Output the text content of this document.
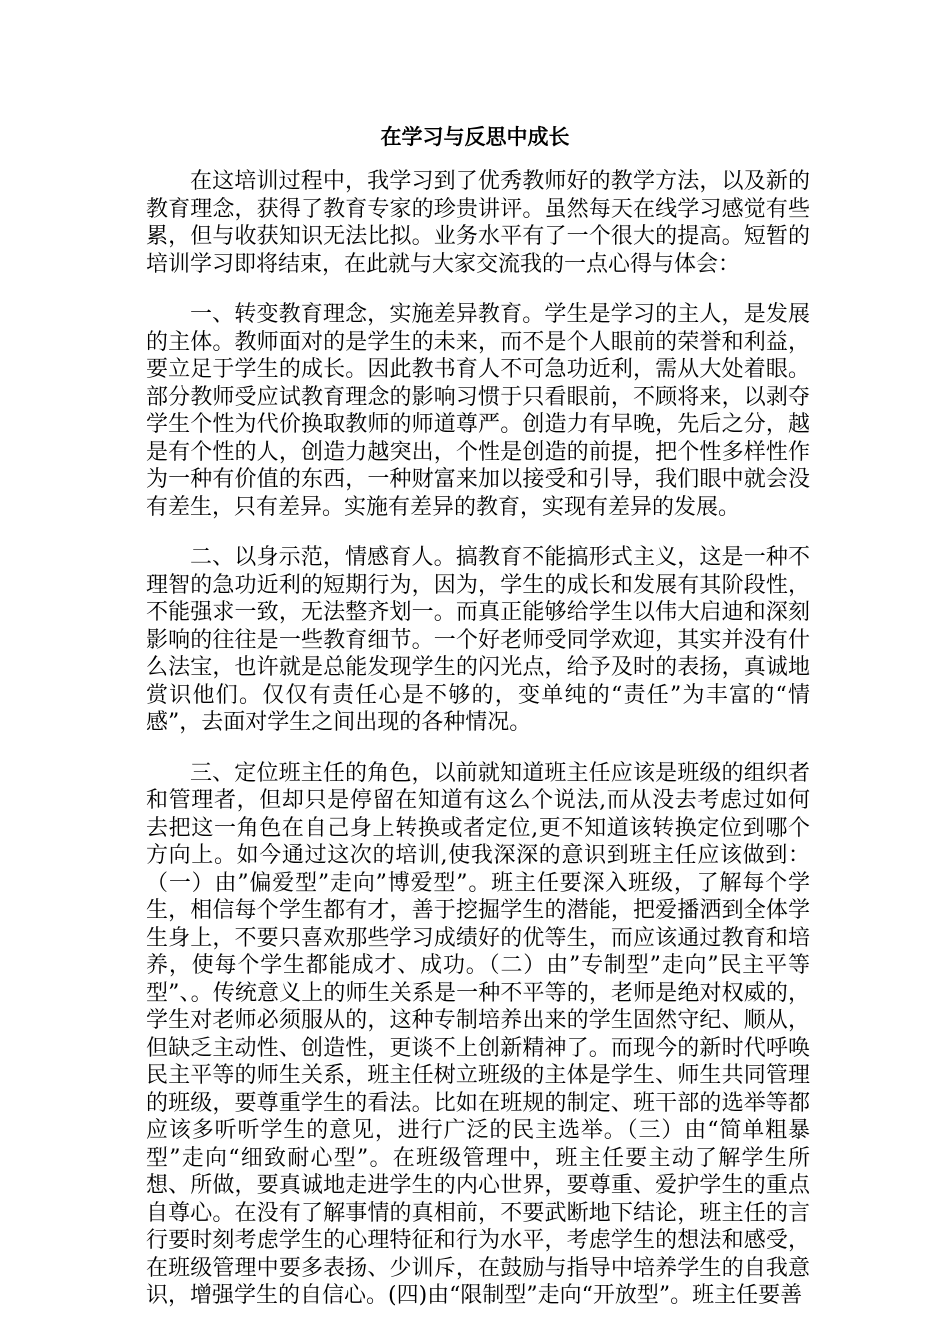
在学习与反思中成长

在这培训过程中，我学习到了优秀教师好的教学方法，以及新的教育理念，获得了教育专家的珍贵讲评。虽然每天在线学习感觉有些累，但与收获知识无法比拟。业务水平有了一个很大的提高。短暂的培训学习即将结束，在此就与大家交流我的一点心得与体会：

一、转变教育理念，实施差异教育。学生是学习的主人，是发展的主体。教师面对的是学生的未来，而不是个人眼前的荣誉和利益，要立足于学生的成长。因此教书育人不可急功近利，需从大处着眼。部分教师受应试教育理念的影响习惯于只看眼前，不顾将来，以剥夺学生个性为代价换取教师的师道尊严。创造力有早晚，先后之分，越是有个性的人，创造力越突出，个性是创造的前提，把个性多样性作为一种有价值的东西，一种财富来加以接受和引导，我们眼中就会没有差生，只有差异。实施有差异的教育，实现有差异的发展。

二、以身示范，情感育人。搞教育不能搞形式主义，这是一种不理智的急功近利的短期行为，因为，学生的成长和发展有其阶段性，不能强求一致，无法整齐划一。而真正能够给学生以伟大启迪和深刻影响的往往是一些教育细节。一个好老师受同学欢迎，其实并没有什么法宝，也许就是总能发现学生的闪光点，给予及时的表扬，真诚地赏识他们。仅仅有责任心是不够的，变单纯的“责任”为丰富的“情感”，去面对学生之间出现的各种情况。

三、定位班主任的角色，以前就知道班主任应该是班级的组织者和管理者，但却只是停留在知道有这么个说法,而从没去考虑过如何去把这一角色在自己身上转换或者定位,更不知道该转换定位到哪个方向上。如今通过这次的培训,使我深深的意识到班主任应该做到：（一）由”偏爱型”走向”博爱型”。班主任要深入班级，了解每个学生，相信每个学生都有才，善于挖掘学生的潜能，把爱播洒到全体学生身上，不要只喜欢那些学习成绩好的优等生，而应该通过教育和培养，使每个学生都能成才、成功。（二）由”专制型”走向”民主平等型”、。传统意义上的师生关系是一种不平等的，老师是绝对权威的，学生对老师必须服从的，这种专制培养出来的学生固然守纪、顺从，但缺乏主动性、创造性，更谈不上创新精神了。而现今的新时代呼唤民主平等的师生关系，班主任树立班级的主体是学生、师生共同管理的班级，要尊重学生的看法。比如在班规的制定、班干部的选举等都应该多听听学生的意见，进行广泛的民主选举。（三）由“简单粗暴型”走向“细致耐心型”。在班级管理中，班主任要主动了解学生所想、所做，要真诚地走进学生的内心世界，要尊重、爱护学生的重点自尊心。在没有了解事情的真相前，不要武断地下结论，班主任的言行要时刻考虑学生的心理特征和行为水平，考虑学生的想法和感受，在班级管理中要多表扬、少训斥，在鼓励与指导中培养学生的自我意识，增强学生的自信心。(四)由“限制型”走向“开放型”。班主任要善
